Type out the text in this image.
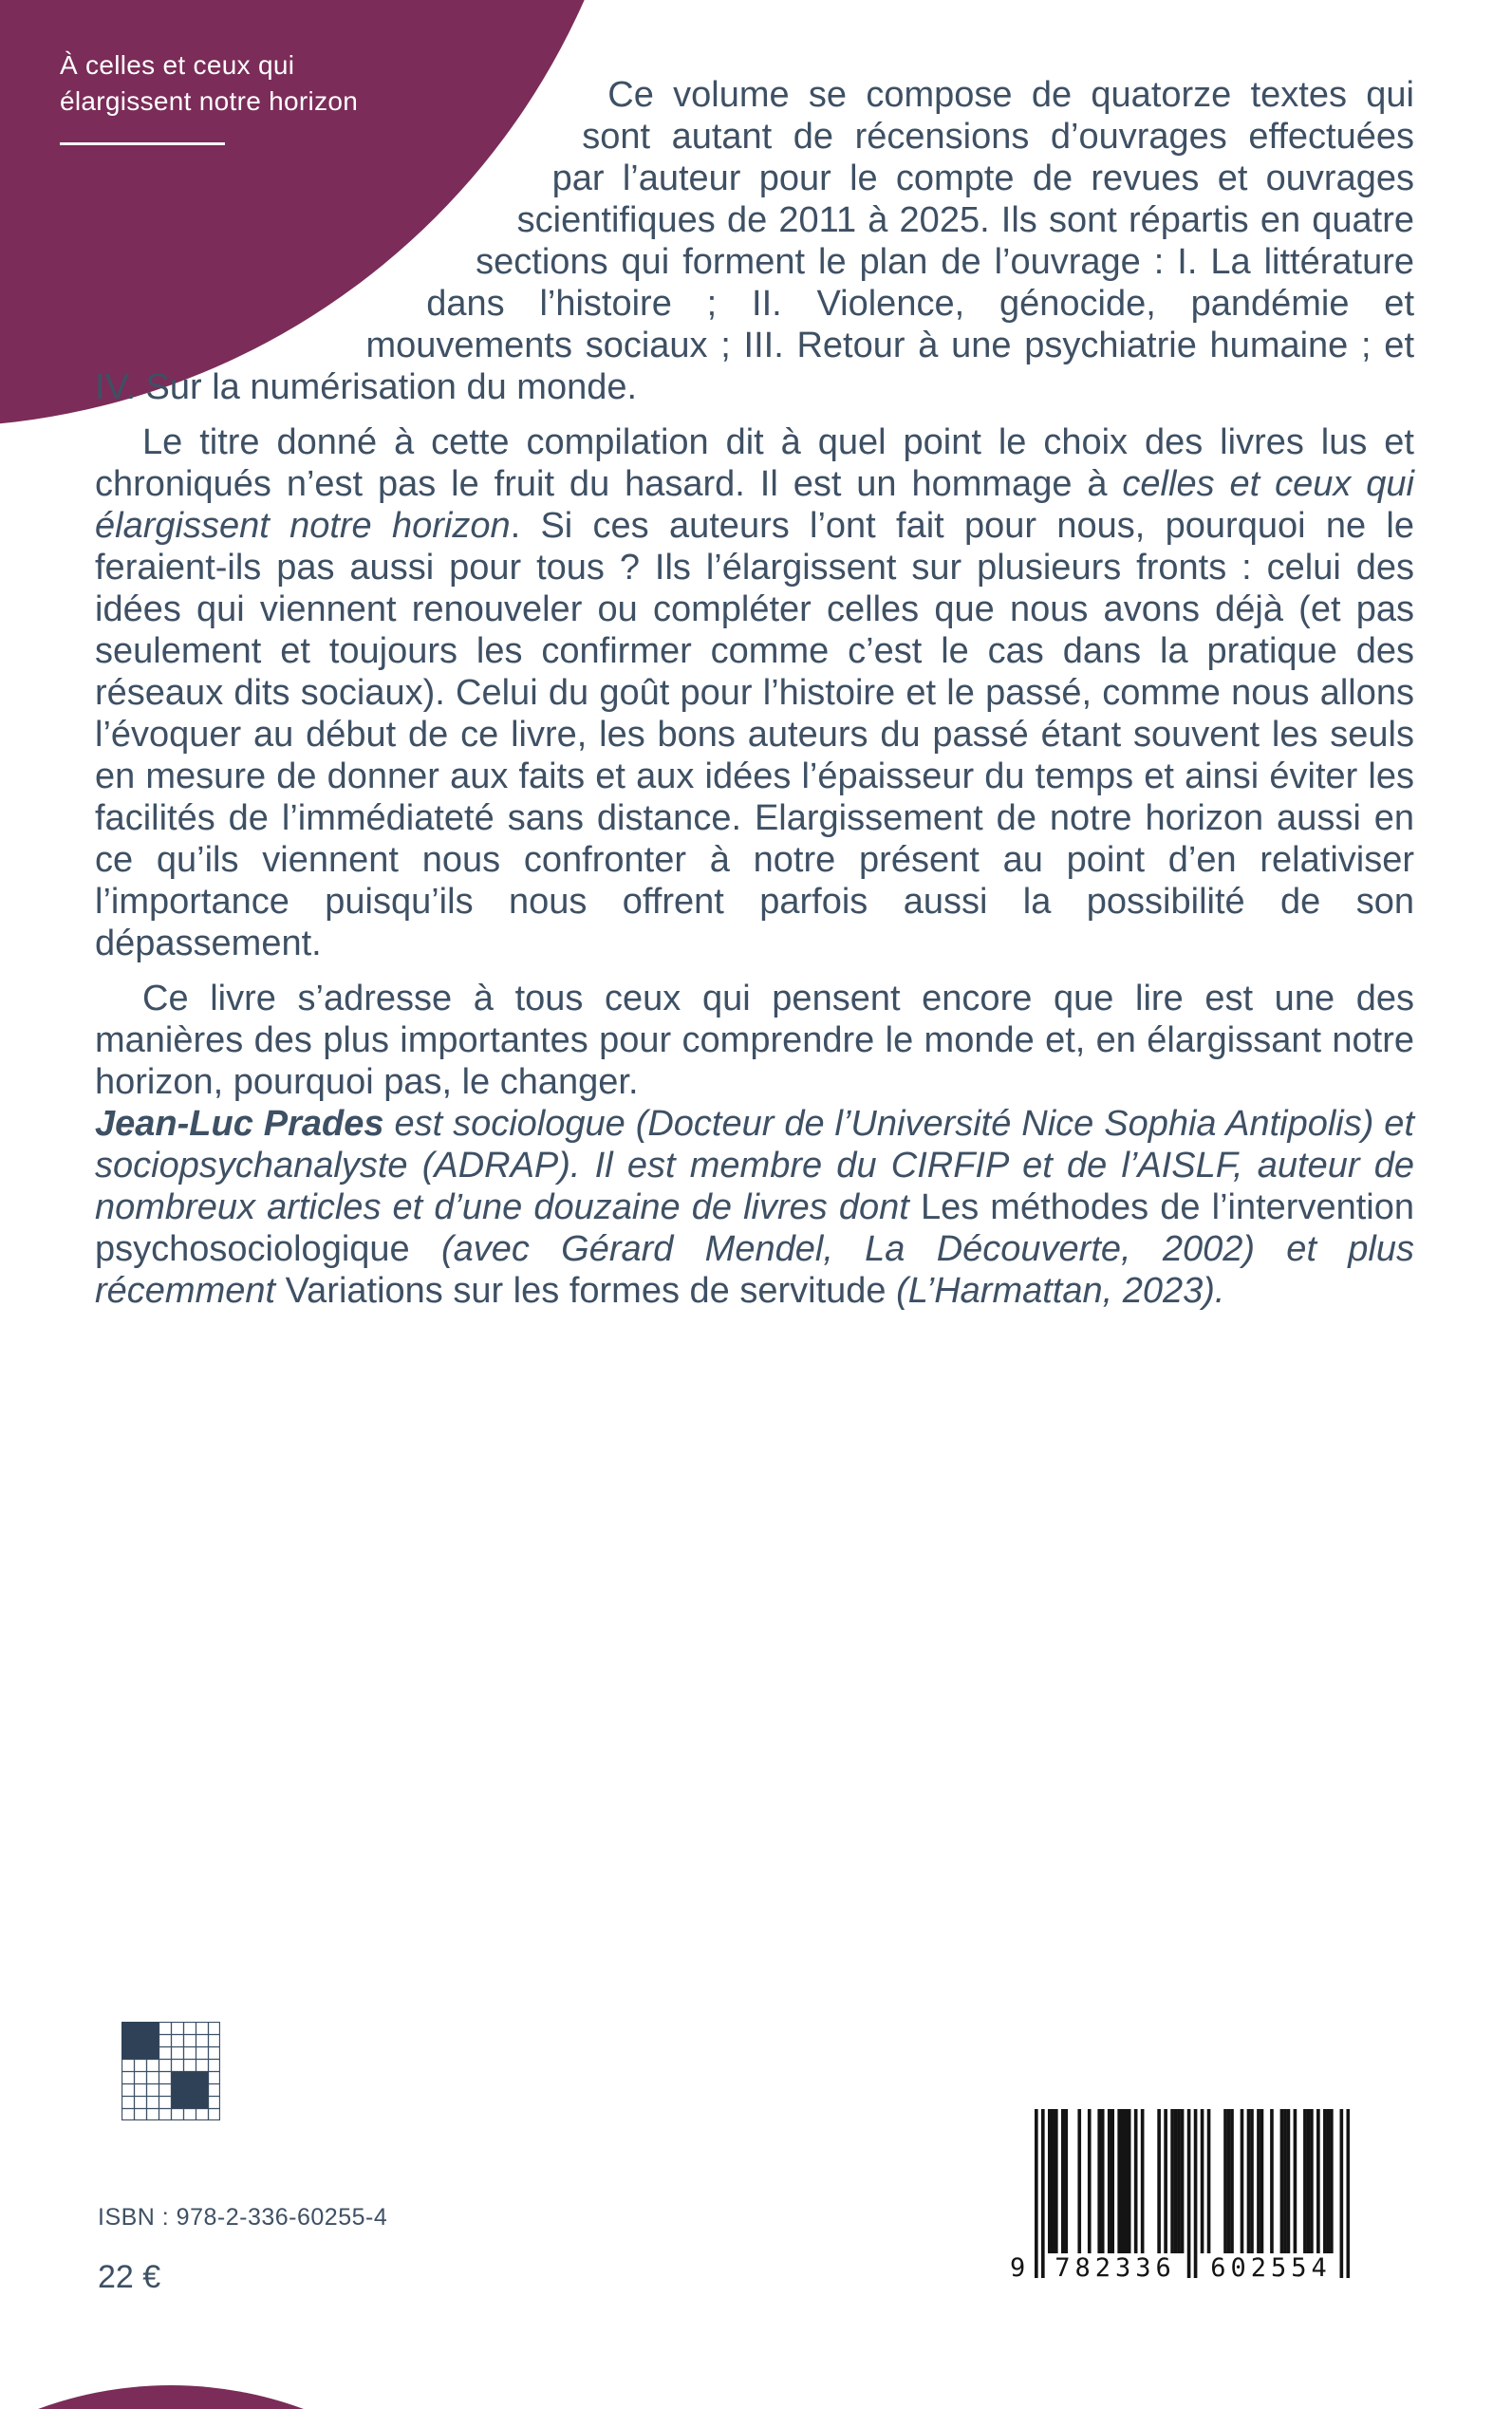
À celles et ceux qui
élargissent notre horizon	Ce volume se compose de quatorze textes qui sont autant de récensions d’ouvrages effectuées par l’auteur pour le compte de revues et ouvrages scientifiques de 2011 à 2025. Ils sont répartis en quatre sections qui forment le plan de l’ouvrage : I. La littérature dans l’histoire ; II. Violence, génocide, pandémie et mouvements sociaux ; III. Retour à une psychiatrie humaine ; et IV. Sur la numérisation du monde.

Le titre donné à cette compilation dit à quel point le choix des livres lus et chroniqués n’est pas le fruit du hasard. Il est un hommage à celles et ceux qui élargissent notre horizon. Si ces auteurs l’ont fait pour nous, pourquoi ne le feraient-ils pas aussi pour tous ? Ils l’élargissent sur plusieurs fronts : celui des idées qui viennent renouveler ou compléter celles que nous avons déjà (et pas seulement et toujours les confirmer comme c’est le cas dans la pratique des réseaux dits sociaux). Celui du goût pour l’histoire et le passé, comme nous allons l’évoquer au début de ce livre, les bons auteurs du passé étant souvent les seuls en mesure de donner aux faits et aux idées l’épaisseur du temps et ainsi éviter les facilités de l’immédiateté sans distance. Elargissement de notre horizon aussi en ce qu’ils viennent nous confronter à notre présent au point d’en relativiser l’importance puisqu’ils nous offrent parfois aussi la possibilité de son dépassement.

Ce livre s’adresse à tous ceux qui pensent encore que lire est une des manières des plus importantes pour comprendre le monde et, en élargissant notre horizon, pourquoi pas, le changer.

Jean-Luc Prades est sociologue (Docteur de l’Université Nice Sophia Antipolis) et sociopsychanalyste (ADRAP). Il est membre du CIRFIP et de l’AISLF, auteur de nombreux articles et d’une douzaine de livres dont Les méthodes de l’intervention psychosociologique (avec Gérard Mendel, La Découverte, 2002) et plus récemment Variations sur les formes de servitude (L’Harmattan, 2023).

ISBN : 978-2-336-60255-4
22 €	9 782336 602554
